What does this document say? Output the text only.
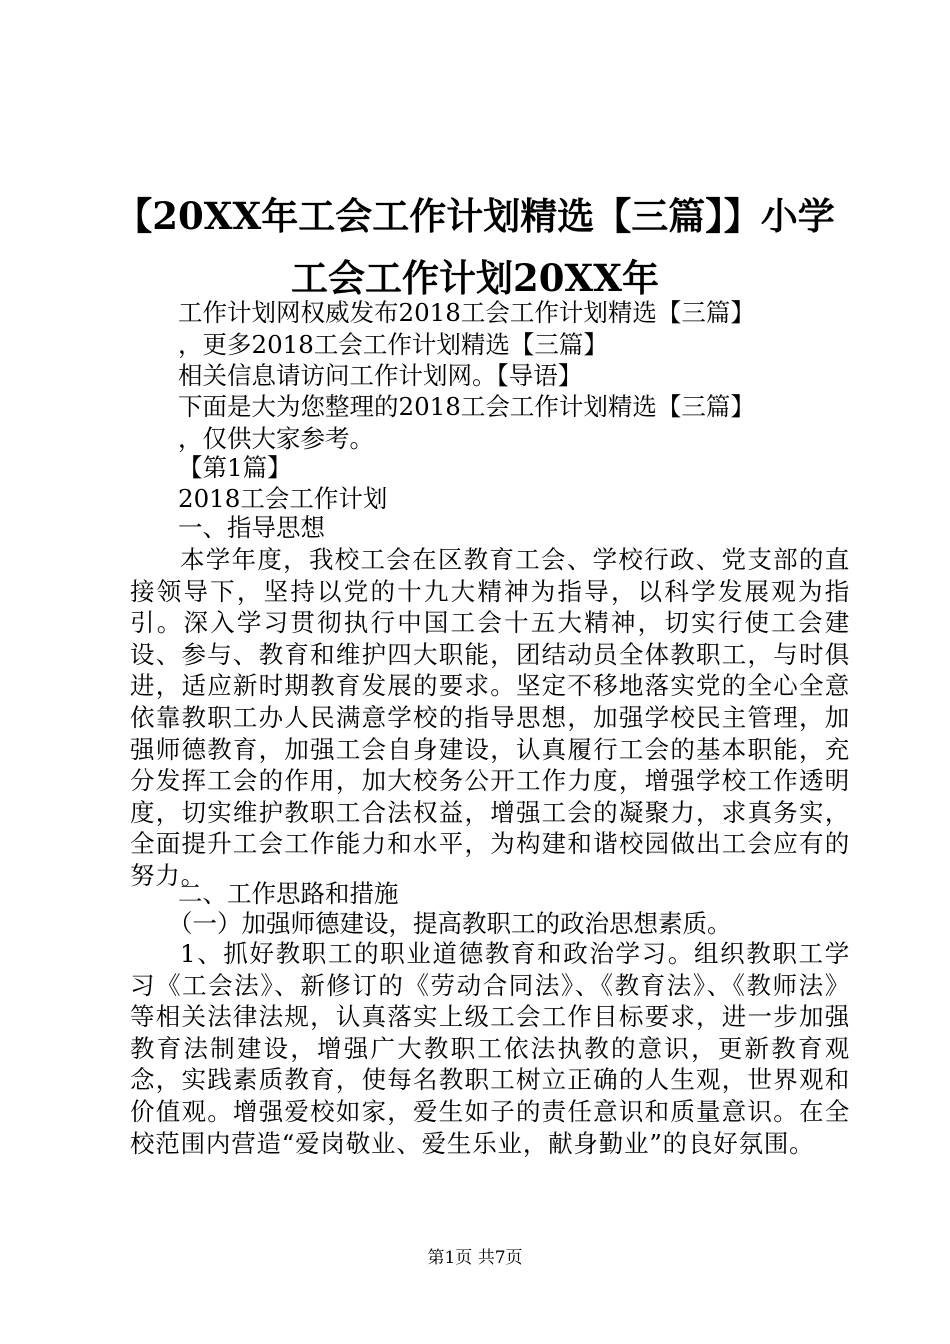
【20XX年工会工作计划精选【三篇】】小学
工会工作计划20XX年

工作计划网权威发布2018工会工作计划精选【三篇】

，更多2018工会工作计划精选【三篇】

相关信息请访问工作计划网。【导语】

下面是大为您整理的2018工会工作计划精选【三篇】

，仅供大家参考。

【第1篇】

2018工会工作计划

一、指导思想

本学年度，我校工会在区教育工会、学校行政、党支部的直接领导下，坚持以党的十九大精神为指导，以科学发展观为指引。深入学习贯彻执行中国工会十五大精神，切实行使工会建设、参与、教育和维护四大职能，团结动员全体教职工，与时俱进，适应新时期教育发展的要求。坚定不移地落实党的全心全意依靠教职工办人民满意学校的指导思想，加强学校民主管理，加强师德教育，加强工会自身建设，认真履行工会的基本职能，充分发挥工会的作用，加大校务公开工作力度，增强学校工作透明度，切实维护教职工合法权益，增强工会的凝聚力，求真务实，全面提升工会工作能力和水平，为构建和谐校园做出工会应有的努力。

二、工作思路和措施

（一）加强师德建设，提高教职工的政治思想素质。

1、抓好教职工的职业道德教育和政治学习。组织教职工学习《工会法》、新修订的《劳动合同法》、《教育法》、《教师法》等相关法律法规，认真落实上级工会工作目标要求，进一步加强教育法制建设，增强广大教职工依法执教的意识，更新教育观念，实践素质教育，使每名教职工树立正确的人生观，世界观和价值观。增强爱校如家，爱生如子的责任意识和质量意识。在全校范围内营造“爱岗敬业、爱生乐业，献身勤业”的良好氛围。

第1页 共7页
